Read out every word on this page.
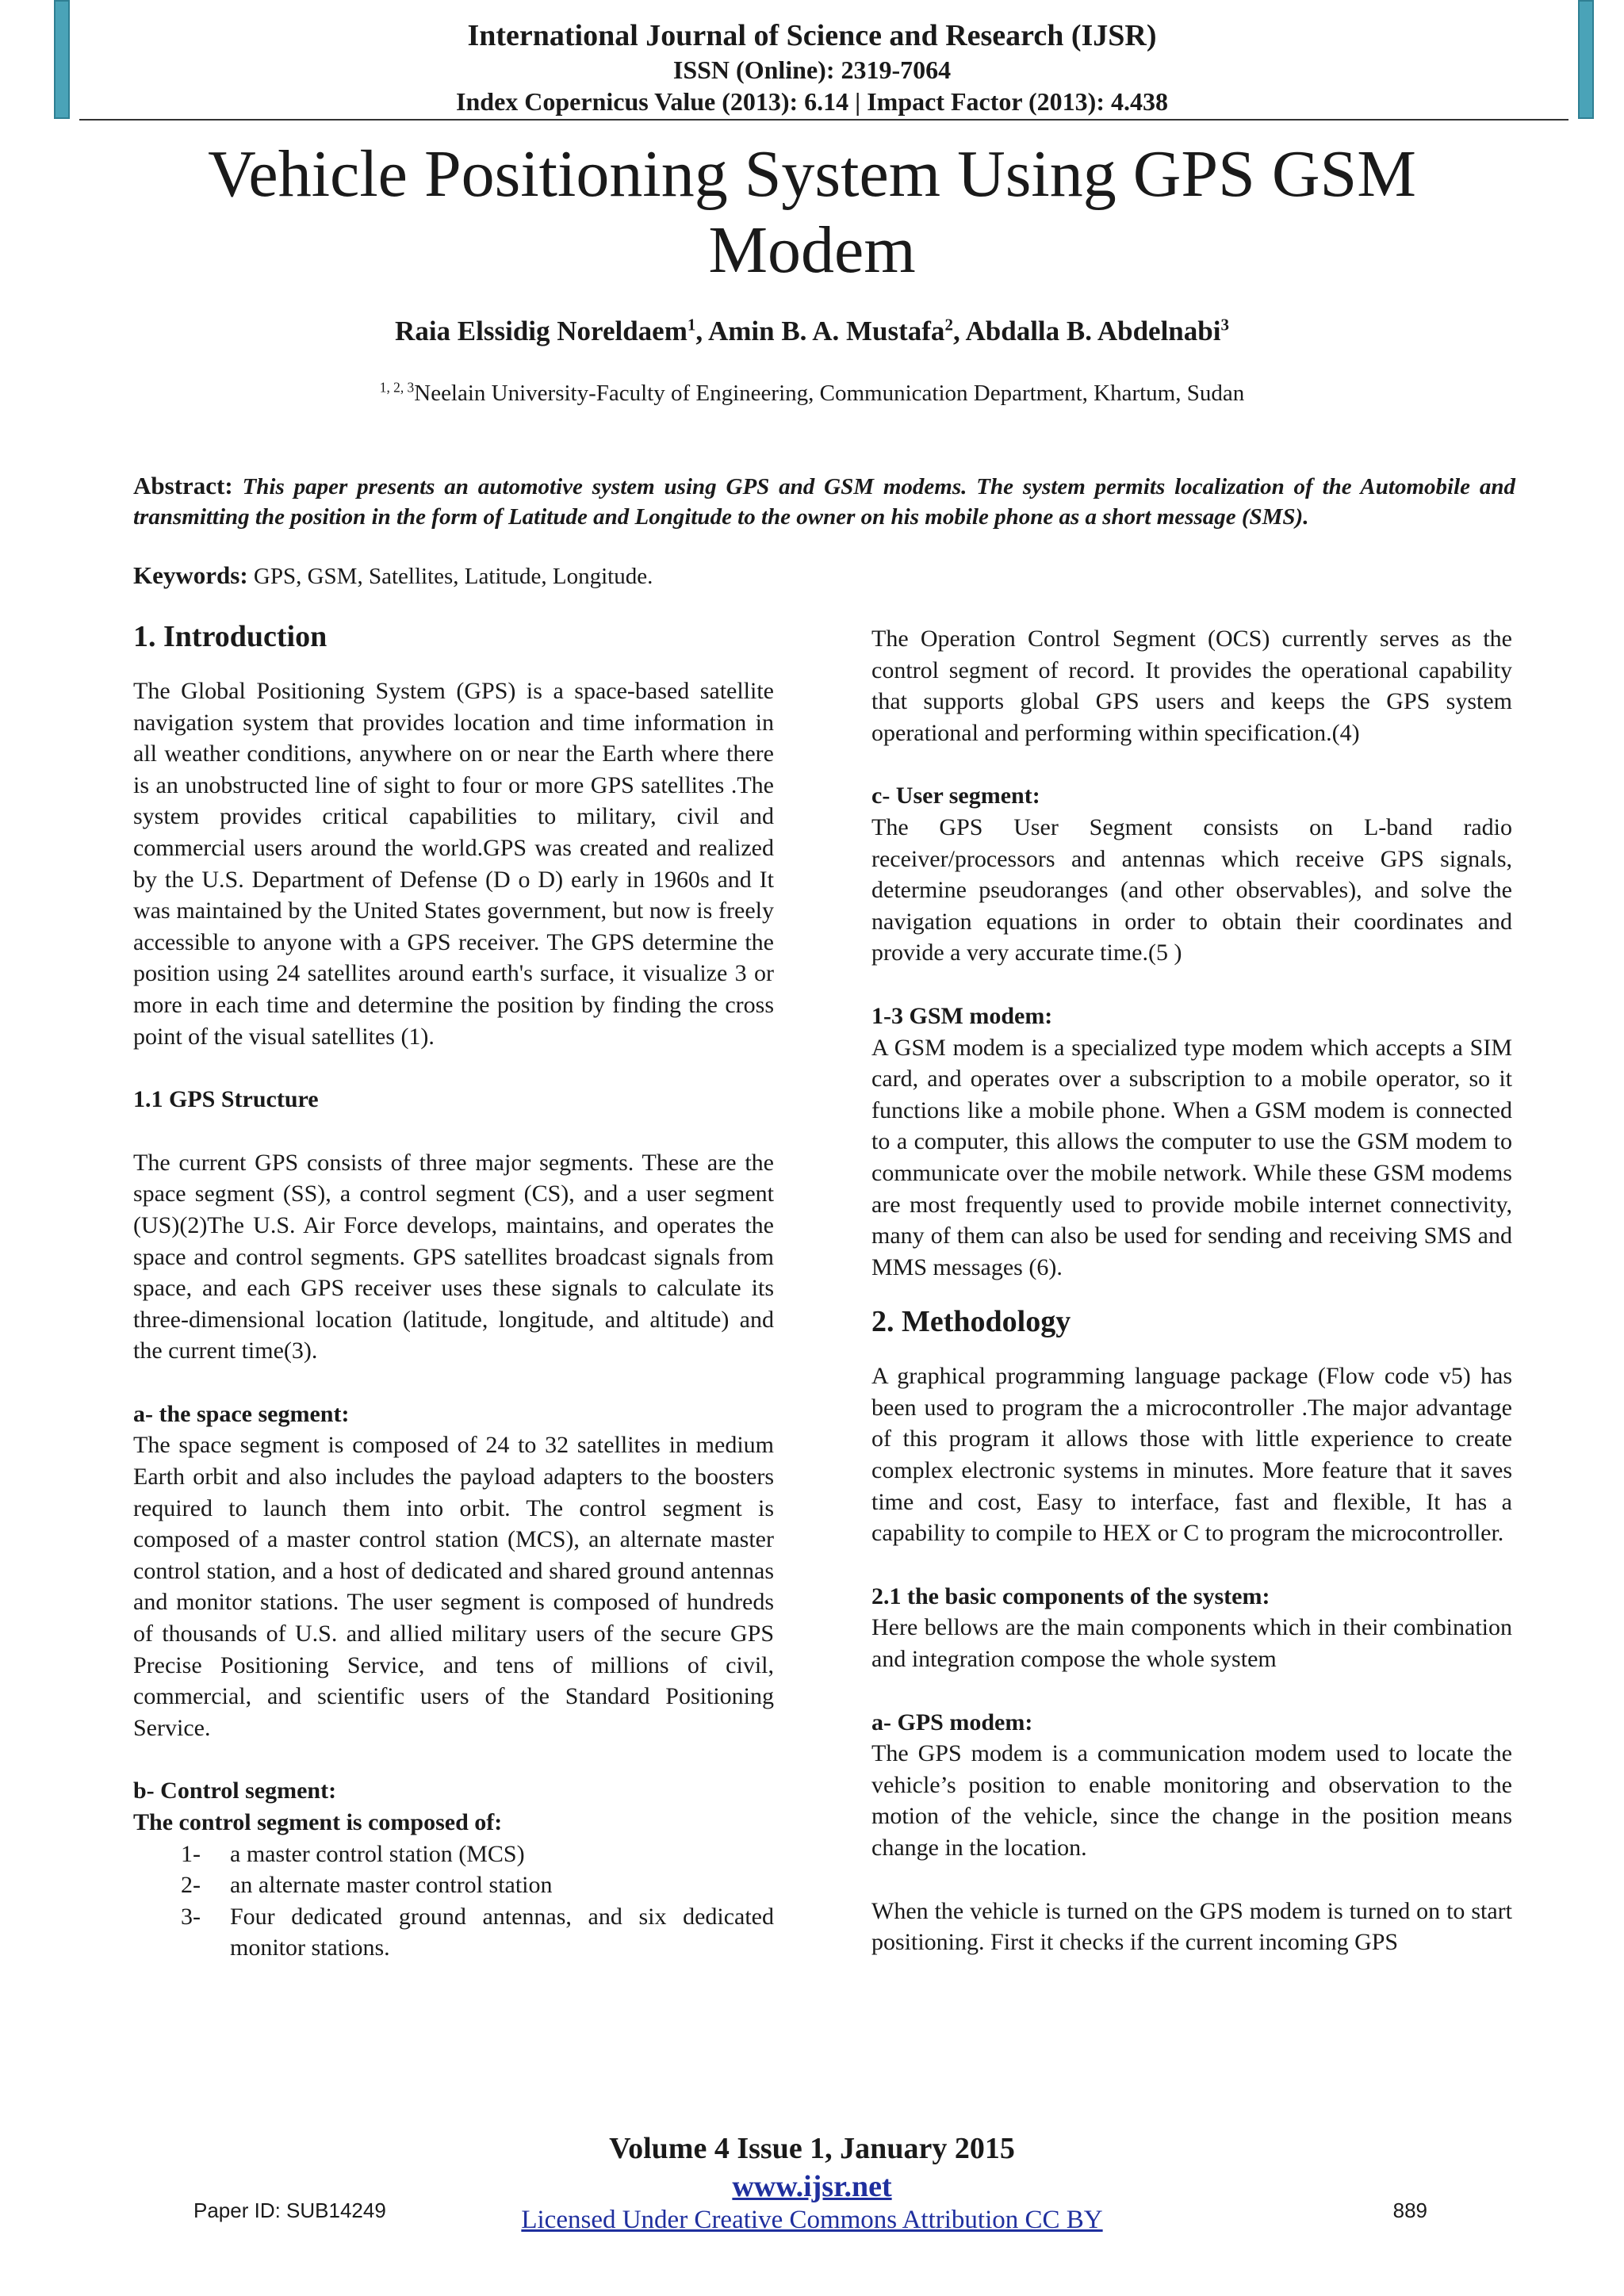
International Journal of Science and Research (IJSR)
ISSN (Online): 2319-7064
Index Copernicus Value (2013): 6.14 | Impact Factor (2013): 4.438
Vehicle Positioning System Using GPS GSM Modem
Raia Elssidig Noreldaem$^1$, Amin B. A. Mustafa$^2$, Abdalla B. Abdelnabi$^3$
$^{1, 2, 3}$Neelain University-Faculty of Engineering, Communication Department, Khartum, Sudan
Abstract: This paper presents an automotive system using GPS and GSM modems. The system permits localization of the Automobile and transmitting the position in the form of Latitude and Longitude to the owner on his mobile phone as a short message (SMS).
Keywords: GPS, GSM, Satellites, Latitude, Longitude.
1. Introduction

The Global Positioning System (GPS) is a space-based satellite navigation system that provides location and time information in all weather conditions, anywhere on or near the Earth where there is an unobstructed line of sight to four or more GPS satellites .The system provides critical capabilities to military, civil and commercial users around the world.GPS was created and realized by the U.S. Department of Defense (D o D) early in 1960s and It was maintained by the United States government, but now is freely accessible to anyone with a GPS receiver. The GPS determine the position using 24 satellites around earth's surface, it visualize 3 or more in each time and determine the position by finding the cross point of the visual satellites (1).

1.1 GPS Structure

The current GPS consists of three major segments. These are the space segment (SS), a control segment (CS), and a user segment (US)(2)The U.S. Air Force develops, maintains, and operates the space and control segments. GPS satellites broadcast signals from space, and each GPS receiver uses these signals to calculate its three-dimensional location (latitude, longitude, and altitude) and the current time(3).

a- the space segment:

The space segment is composed of 24 to 32 satellites in medium Earth orbit and also includes the payload adapters to the boosters required to launch them into orbit. The control segment is composed of a master control station (MCS), an alternate master control station, and a host of dedicated and shared ground antennas and monitor stations. The user segment is composed of hundreds of thousands of U.S. and allied military users of the secure GPS Precise Positioning Service, and tens of millions of civil, commercial, and scientific users of the Standard Positioning Service.

b- Control segment:
The control segment is composed of:
1- a master control station (MCS)
2- an alternate master control station
3- Four dedicated ground antennas, and six dedicated monitor stations.

The Operation Control Segment (OCS) currently serves as the control segment of record. It provides the operational capability that supports global GPS users and keeps the GPS system operational and performing within specification.(4)

c- User segment:

The GPS User Segment consists on L-band radio receiver/processors and antennas which receive GPS signals, determine pseudoranges (and other observables), and solve the navigation equations in order to obtain their coordinates and provide a very accurate time.(5 )

1-3 GSM modem:

A GSM modem is a specialized type modem which accepts a SIM card, and operates over a subscription to a mobile operator, so it functions like a mobile phone. When a GSM modem is connected to a computer, this allows the computer to use the GSM modem to communicate over the mobile network. While these GSM modems are most frequently used to provide mobile internet connectivity, many of them can also be used for sending and receiving SMS and MMS messages (6).

2. Methodology

A graphical programming language package (Flow code v5) has been used to program the a microcontroller .The major advantage of this program it allows those with little experience to create complex electronic systems in minutes. More feature that it saves time and cost, Easy to interface, fast and flexible, It has a capability to compile to HEX or C to program the microcontroller.

2.1 the basic components of the system:

Here bellows are the main components which in their combination and integration compose the whole system

a- GPS modem:

The GPS modem is a communication modem used to locate the vehicle’s position to enable monitoring and observation to the motion of the vehicle, since the change in the position means change in the location.

When the vehicle is turned on the GPS modem is turned on to start positioning. First it checks if the current incoming GPS

Volume 4 Issue 1, January 2015
www.ijsr.net
Licensed Under Creative Commons Attribution CC BY
Paper ID: SUB14249	889
